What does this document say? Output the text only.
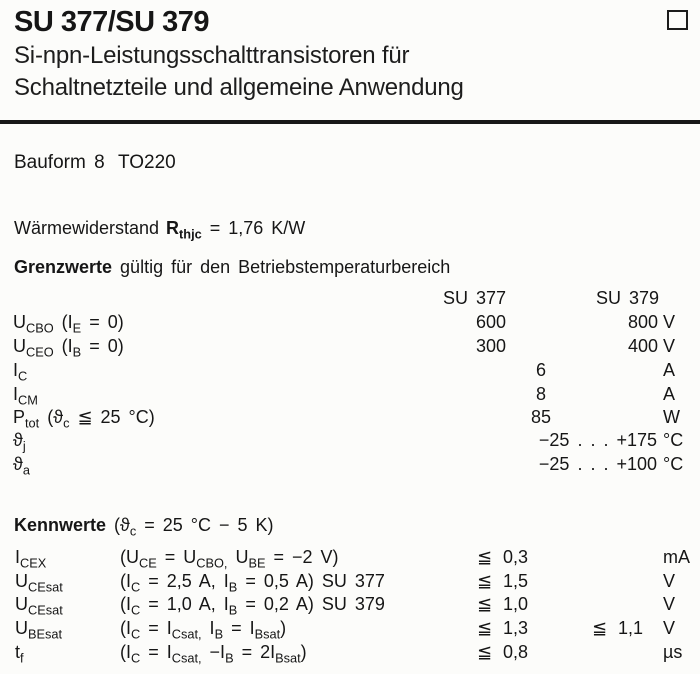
SU 377/SU 379
Si-npn-Leistungsschalttransistoren für
Schaltnetzteile und allgemeine Anwendung
Bauform 8 TO220
Wärmewiderstand $R_{thjc} = 1,76$ K/W
Grenzwerte gültig für den Betriebstemperaturbereich
SU 377	SU 379
$U_{CBO}$ $(I_E = 0)$	600	800 V
$U_{CEO}$ $(I_B = 0)$	300	400 V
$I_C$	6	A
$I_{CM}$	8	A
$P_{tot}$ ($ϑ_c$ ≦ 25 °C)	85	W
$ϑ_j$	−25 . . . +175 °C
$ϑ_a$	−25 . . . +100 °C
Kennwerte ($ϑ_c = 25$ °C − 5 K)
$I_{CEX}$	($U_{CE} = U_{CBO,}$ $U_{BE} = -2$ V)	≦ 0,3	mA
$U_{CEsat}$	($I_C = 2,5$ A, $I_B = 0,5$ A) SU 377	≦ 1,5	V
$U_{CEsat}$	($I_C = 1,0$ A, $I_B = 0,2$ A) SU 379	≦ 1,0	V
$U_{BEsat}$	($I_C = I_{Csat,}$ $I_B = I_{Bsat}$)	≦ 1,3	≦ 1,1 V
$t_f$	$(I_C = I_{Csat,} -I_B = 2I_{Bsat})$	≦ 0,8	µs
